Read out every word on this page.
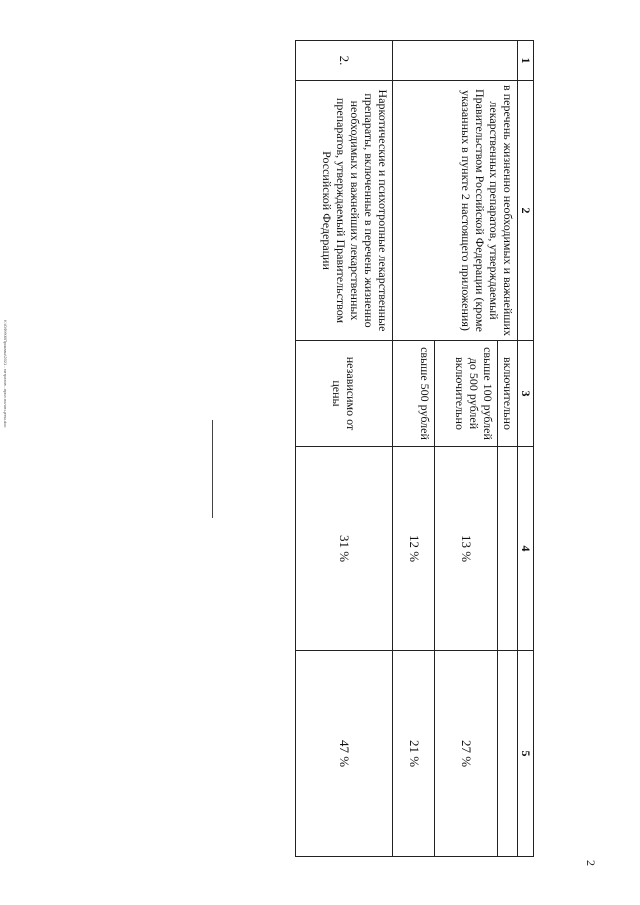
1	2	3	4	5

	в перечень жизненно необходимых и важнейших лекарственных препаратов, утверждаемый Правительством Российской Федерации (кроме указанных в пункте 2 настоящего приложения)	включительно		

		свыше 100 рублей до 500 рублей включительно	13 %	27 %

		свыше 500 рублей	12 %	21 %
2.	Наркотические и психотропные лекарственные препараты, включенные в перечень жизненно необходимых и важнейших лекарственных препаратов, утверждаемый Правительством Российской Федерации	независимо от цены	31 %	47 %
K:\ОФУКК\Приказы\2021 - нитратов...прил.полит.цены.doc
2
